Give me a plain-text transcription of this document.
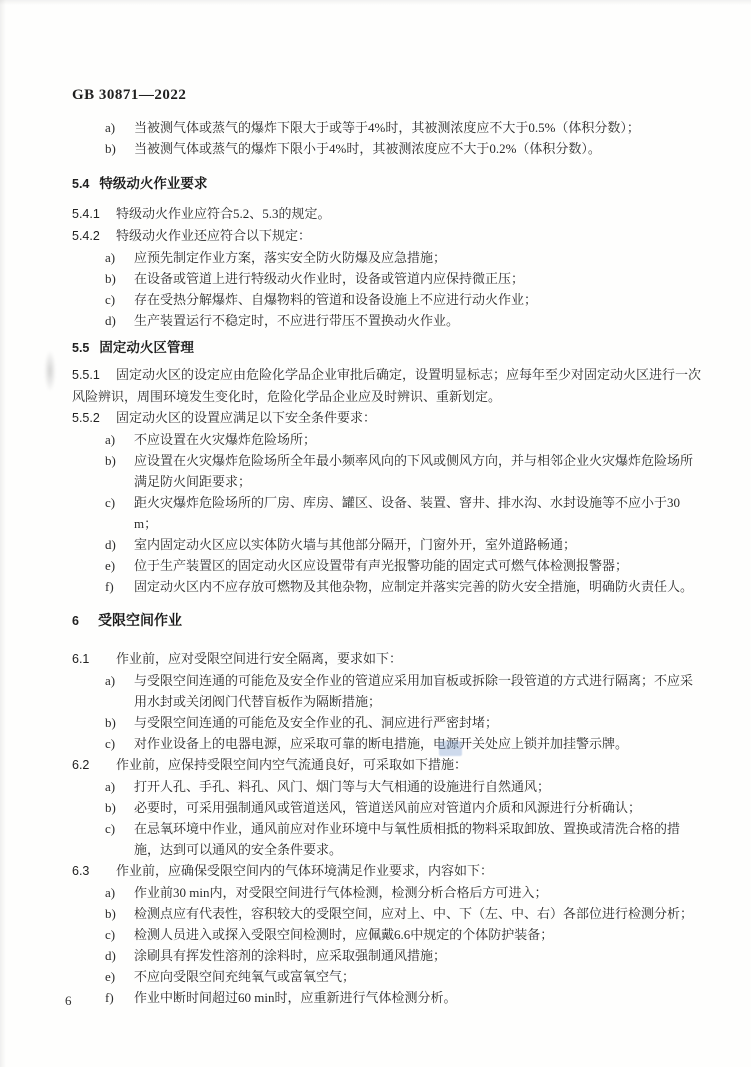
GB 30871—2022
a)	当被测气体或蒸气的爆炸下限大于或等于4%时，其被测浓度应不大于0.5%（体积分数）；
b)	当被测气体或蒸气的爆炸下限小于4%时，其被测浓度应不大于0.2%（体积分数）。
5.4 特级动火作业要求
5.4.1 特级动火作业应符合5.2、5.3的规定。
5.4.2 特级动火作业还应符合以下规定：
a)	应预先制定作业方案，落实安全防火防爆及应急措施；
b)	在设备或管道上进行特级动火作业时，设备或管道内应保持微正压；
c)	存在受热分解爆炸、自爆物料的管道和设备设施上不应进行动火作业；
d)	生产装置运行不稳定时，不应进行带压不置换动火作业。
5.5 固定动火区管理
5.5.1 固定动火区的设定应由危险化学品企业审批后确定，设置明显标志；应每年至少对固定动火区进行一次风险辨识，周围环境发生变化时，危险化学品企业应及时辨识、重新划定。
5.5.2 固定动火区的设置应满足以下安全条件要求：
a)	不应设置在火灾爆炸危险场所；
b)	应设置在火灾爆炸危险场所全年最小频率风向的下风或侧风方向，并与相邻企业火灾爆炸危险场所满足防火间距要求；
c)	距火灾爆炸危险场所的厂房、库房、罐区、设备、装置、窨井、排水沟、水封设施等不应小于30 m；
d)	室内固定动火区应以实体防火墙与其他部分隔开，门窗外开，室外道路畅通；
e)	位于生产装置区的固定动火区应设置带有声光报警功能的固定式可燃气体检测报警器；
f)	固定动火区内不应存放可燃物及其他杂物，应制定并落实完善的防火安全措施，明确防火责任人。
6 受限空间作业
6.1 作业前，应对受限空间进行安全隔离，要求如下：
a)	与受限空间连通的可能危及安全作业的管道应采用加盲板或拆除一段管道的方式进行隔离；不应采用水封或关闭阀门代替盲板作为隔断措施；
b)	与受限空间连通的可能危及安全作业的孔、洞应进行严密封堵；
c)	对作业设备上的电器电源，应采取可靠的断电措施，电源开关处应上锁并加挂警示牌。
6.2 作业前，应保持受限空间内空气流通良好，可采取如下措施：
a)	打开人孔、手孔、料孔、风门、烟门等与大气相通的设施进行自然通风；
b)	必要时，可采用强制通风或管道送风，管道送风前应对管道内介质和风源进行分析确认；
c)	在忌氧环境中作业，通风前应对作业环境中与氧性质相抵的物料采取卸放、置换或清洗合格的措施，达到可以通风的安全条件要求。
6.3 作业前，应确保受限空间内的气体环境满足作业要求，内容如下：
a)	作业前30 min内，对受限空间进行气体检测，检测分析合格后方可进入；
b)	检测点应有代表性，容积较大的受限空间，应对上、中、下（左、中、右）各部位进行检测分析；
c)	检测人员进入或探入受限空间检测时，应佩戴6.6中规定的个体防护装备；
d)	涂刷具有挥发性溶剂的涂料时，应采取强制通风措施；
e)	不应向受限空间充纯氧气或富氧空气；
f)	作业中断时间超过60 min时，应重新进行气体检测分析。
6
